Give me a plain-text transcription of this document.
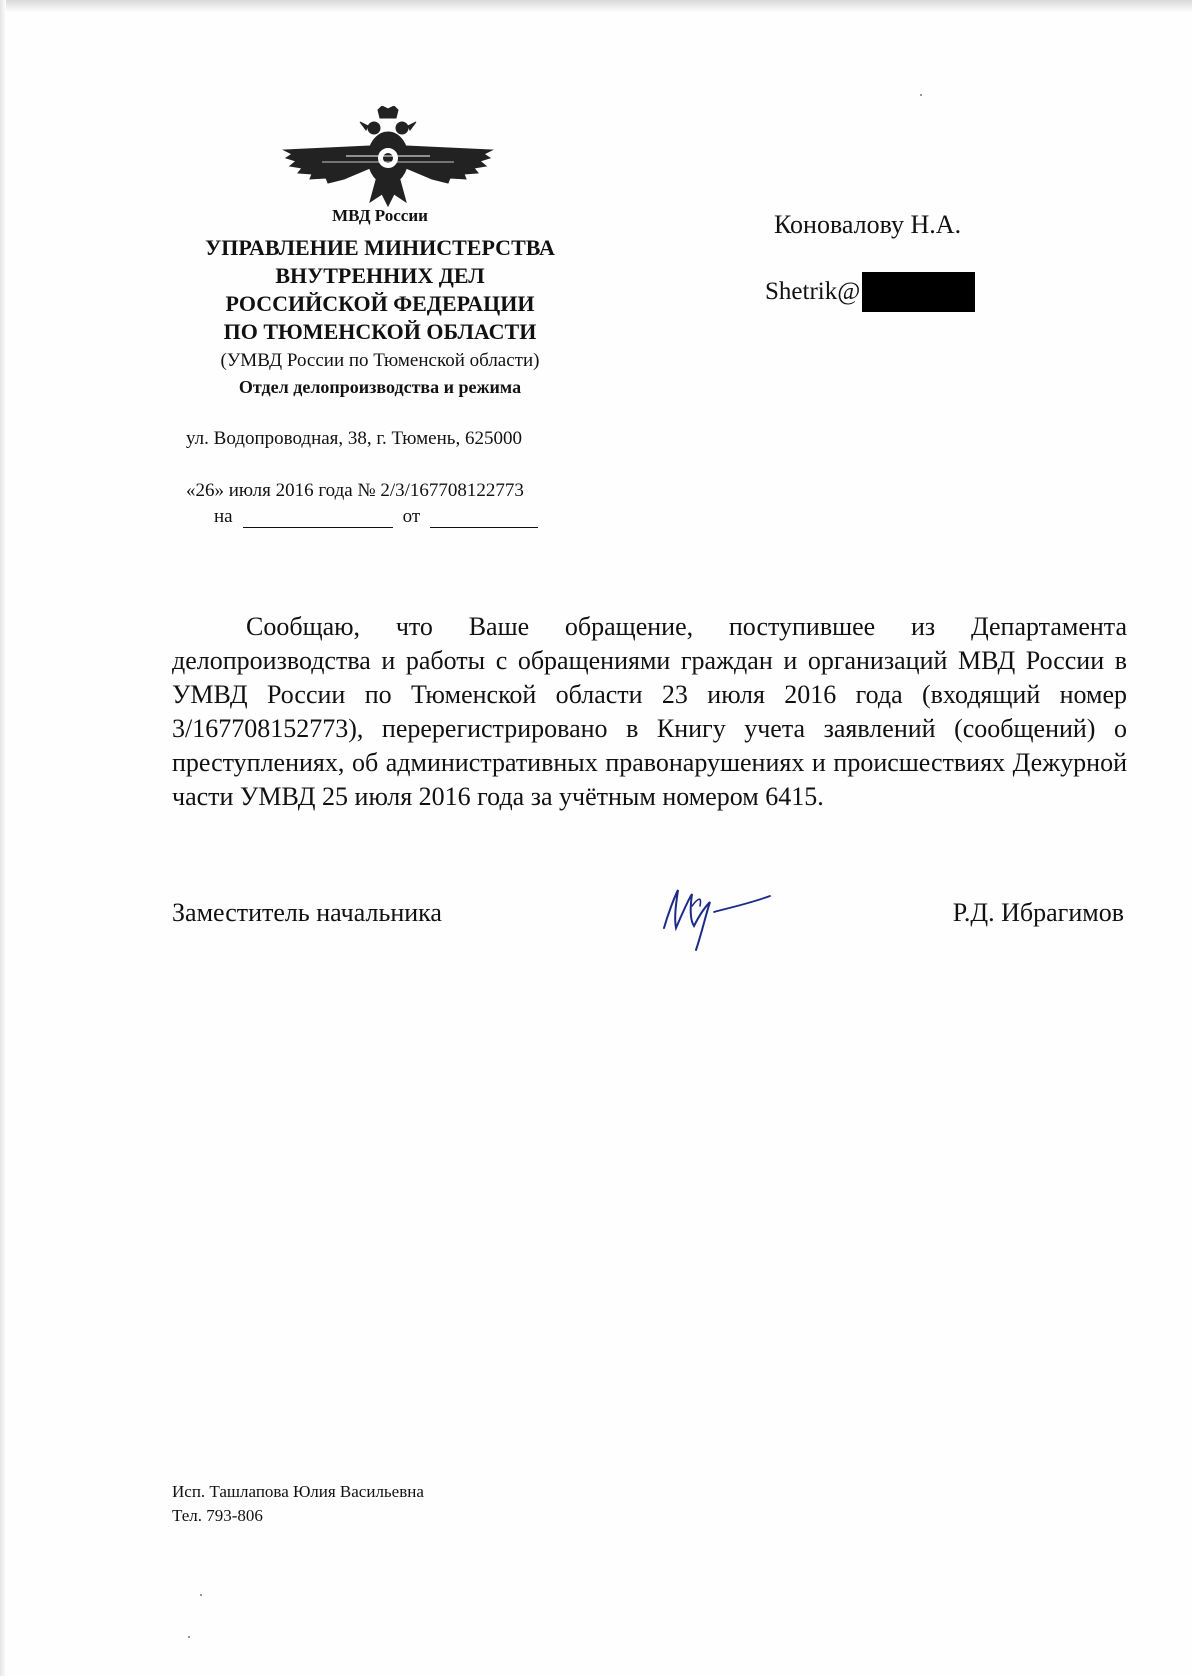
МВД России
УПРАВЛЕНИЕ МИНИСТЕРСТВА
ВНУТРЕННИХ ДЕЛ
РОССИЙСКОЙ ФЕДЕРАЦИИ
ПО ТЮМЕНСКОЙ ОБЛАСТИ
(УМВД России по Тюменской области)
Отдел делопроизводства и режима
ул. Водопроводная, 38, г. Тюмень, 625000
«26» июля 2016 года № 2/3/167708122773
на	от
Коновалову Н.А.
Shetrik@

Сообщаю, что Ваше обращение, поступившее из Департамента делопроизводства и работы с обращениями граждан и организаций МВД России в УМВД России по Тюменской области 23 июля 2016 года (входящий номер 3/167708152773), перерегистрировано в Книгу учета заявлений (сообщений) о преступлениях, об административных правонарушениях и происшествиях Дежурной части УМВД 25 июля 2016 года за учётным номером 6415.

Заместитель начальника	Р.Д. Ибрагимов
Исп. Ташлапова Юлия Васильевна
Тел. 793-806
